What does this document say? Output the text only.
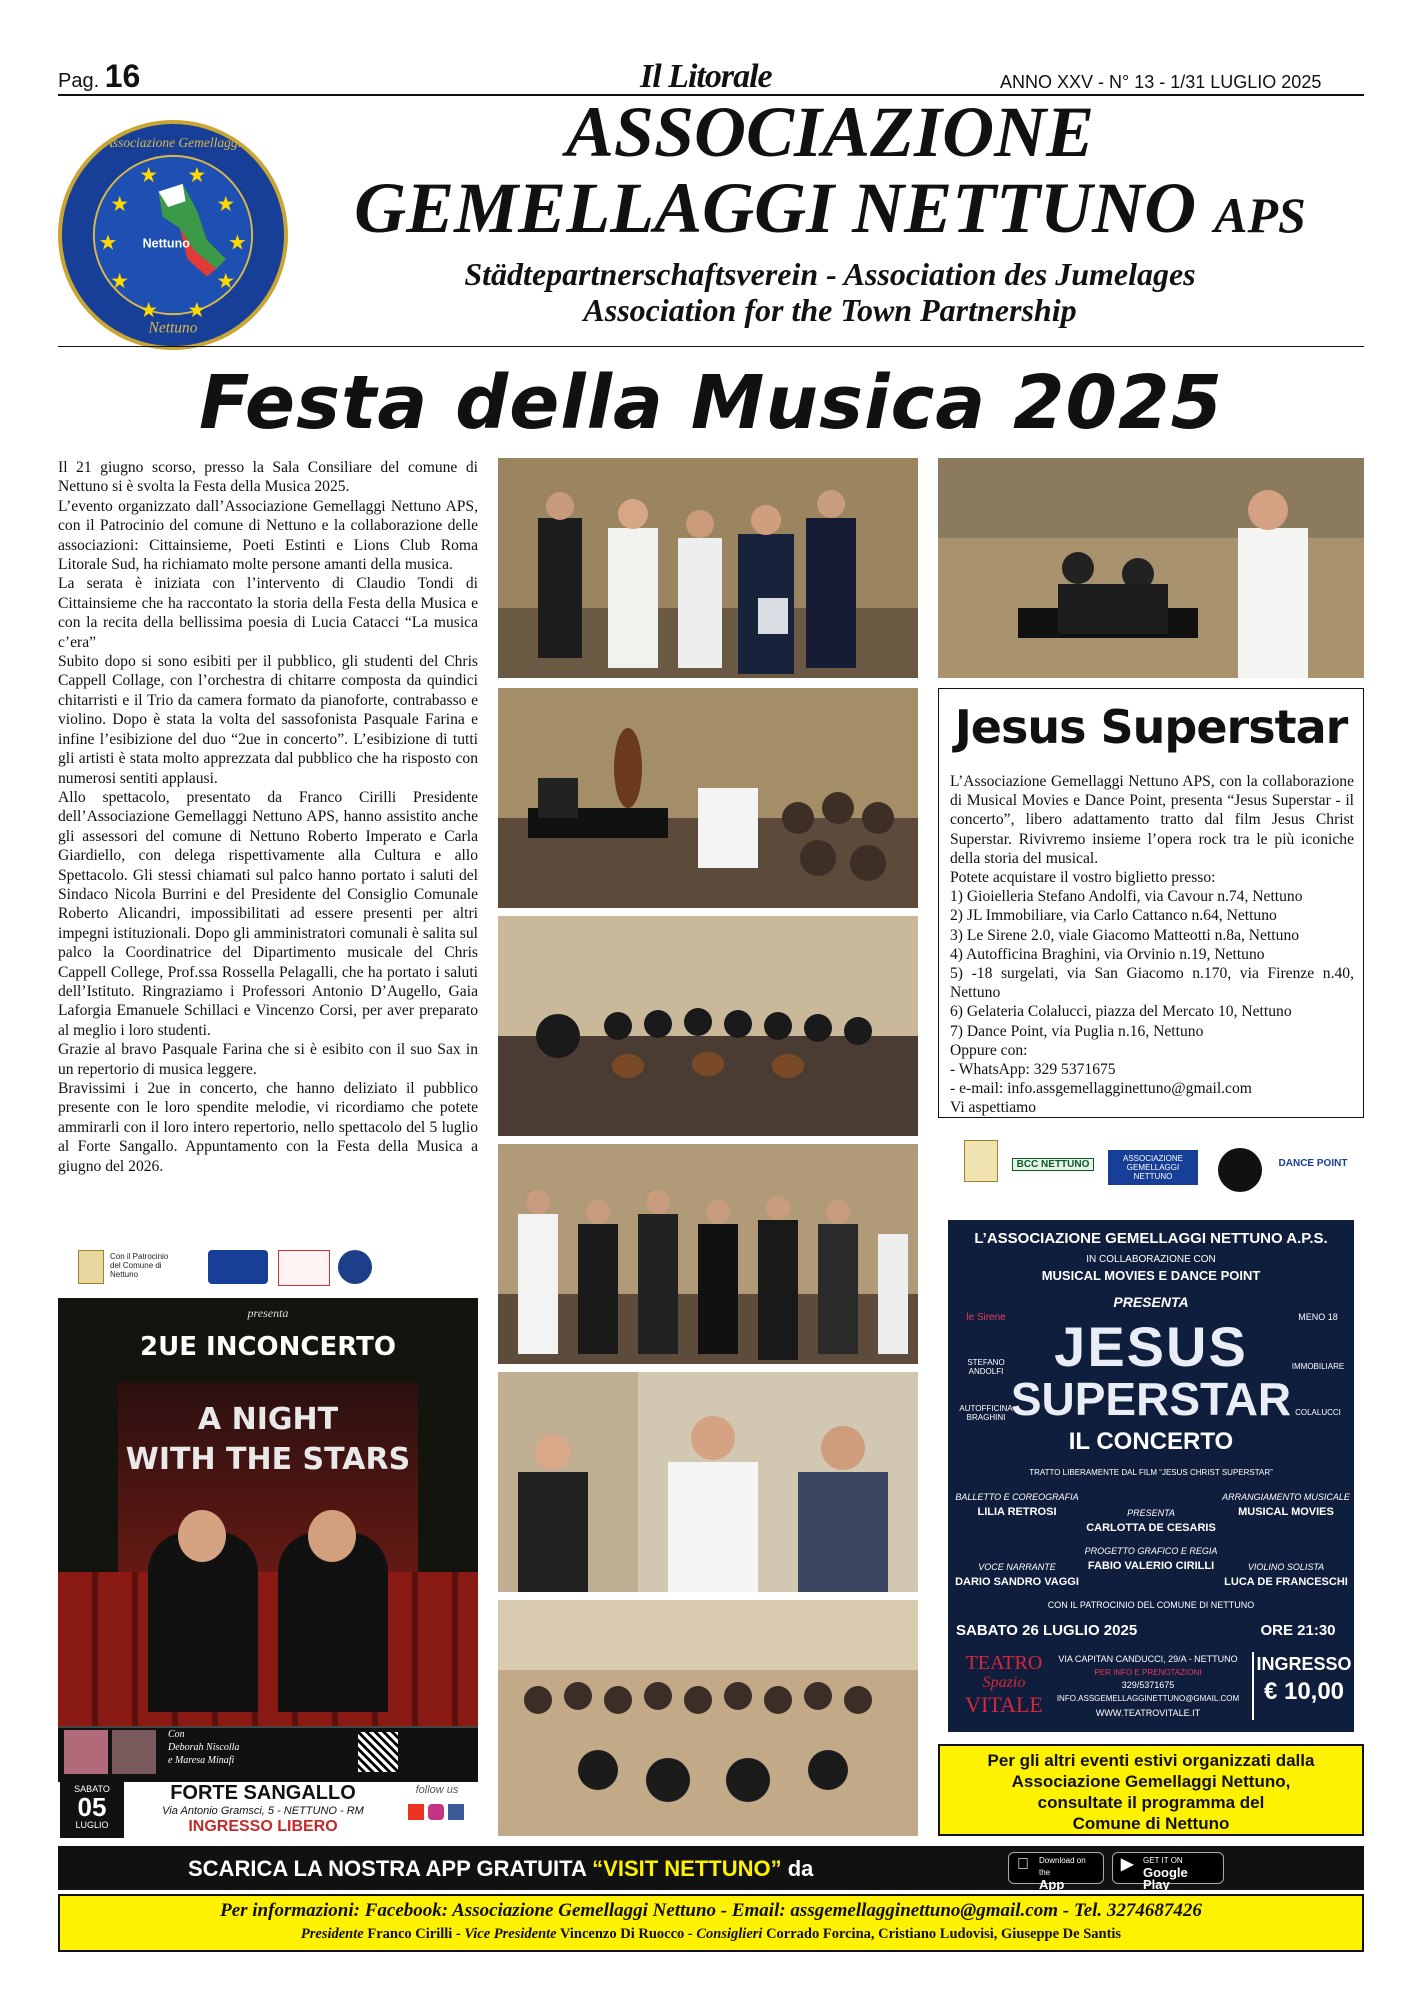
Pag. 16	Il Litorale	ANNO XXV - N° 13 - 1/31 LUGLIO 2025
★	★
★	★
★	★
★ ★
★ ★
Associazione Gemellaggi
Nettuno
Nettuno
ASSOCIAZIONE
GEMELLAGGI NETTUNO APS
Städtepartnerschaftsverein - Association des Jumelages
Association for the Town Partnership
Festa della Musica 2025

Il 21 giugno scorso, presso la Sala Consiliare del comune di Nettuno si è svolta la Festa della Musica 2025.

L’evento organizzato dall’Associazione Gemellaggi Nettuno APS, con il Patrocinio del comune di Nettuno e la collaborazione delle associazioni: Cittainsieme, Poeti Estinti e Lions Club Roma Litorale Sud, ha richiamato molte persone amanti della musica.

La serata è iniziata con l’intervento di Claudio Tondi di Cittainsieme che ha raccontato la storia della Festa della Musica e con la recita della bellissima poesia di Lucia Catacci “La musica c’era”

Subito dopo si sono esibiti per il pubblico, gli studenti del Chris Cappell Collage, con l’orchestra di chitarre composta da quindici chitarristi e il Trio da camera formato da pianoforte, contrabasso e violino. Dopo è stata la volta del sassofonista Pasquale Farina e infine l’esibizione del duo “2ue in concerto”. L’esibizione di tutti gli artisti è stata molto apprezzata dal pubblico che ha risposto con numerosi sentiti applausi.

Allo spettacolo, presentato da Franco Cirilli Presidente dell’Associazione Gemellaggi Nettuno APS, hanno assistito anche gli assessori del comune di Nettuno Roberto Imperato e Carla Giardiello, con delega rispettivamente alla Cultura e allo Spettacolo. Gli stessi chiamati sul palco hanno portato i saluti del Sindaco Nicola Burrini e del Presidente del Consiglio Comunale Roberto Alicandri, impossibilitati ad essere presenti per altri impegni istituzionali. Dopo gli amministratori comunali è salita sul palco la Coordinatrice del Dipartimento musicale del Chris Cappell College, Prof.ssa Rossella Pelagalli, che ha portato i saluti dell’Istituto. Ringraziamo i Professori Antonio D’Augello, Gaia Laforgia Emanuele Schillaci e Vincenzo Corsi, per aver preparato al meglio i loro studenti.

Grazie al bravo Pasquale Farina che si è esibito con il suo Sax in un repertorio di musica leggere.

Bravissimi i 2ue in concerto, che hanno deliziato il pubblico presente con le loro spendite melodie, vi ricordiamo che potete ammirarli con il loro intero repertorio, nello spettacolo del 5 luglio al Forte Sangallo. Appuntamento con la Festa della Musica a giugno del 2026.

Jesus Superstar

L’Associazione Gemellaggi Nettuno APS, con la collaborazione di Musical Movies e Dance Point, presenta “Jesus Superstar - il concerto”, libero adattamento tratto dal film Jesus Christ Superstar. Rivivremo insieme l’opera rock tra le più iconiche della storia del musical.

Potete acquistare il vostro biglietto presso:

1) Gioielleria Stefano Andolfi, via Cavour n.74, Nettuno

2) JL Immobiliare, via Carlo Cattanco n.64, Nettuno

3) Le Sirene 2.0, viale Giacomo Matteotti n.8a, Nettuno

4) Autofficina Braghini, via Orvinio n.19, Nettuno

5) -18 surgelati, via San Giacomo n.170, via Firenze n.40, Nettuno

6) Gelateria Colalucci, piazza del Mercato 10, Nettuno

7) Dance Point, via Puglia n.16, Nettuno

Oppure con:

- WhatsApp: 329 5371675

- e-mail: info.assgemellagginettuno@gmail.com

Vi aspettiamo

BCC NETTUNO
ASSOCIAZIONE GEMELLAGGI NETTUNO
DANCE POINT
L’ASSOCIAZIONE GEMELLAGGI NETTUNO A.P.S.
IN COLLABORAZIONE CON
MUSICAL MOVIES E DANCE POINT
PRESENTA
JESUS
SUPERSTAR
IL CONCERTO
TRATTO LIBERAMENTE DAL FILM “JESUS CHRIST SUPERSTAR”
le Sirene
STEFANO ANDOLFI
AUTOFFICINA BRAGHINI
MENO 18
IMMOBILIARE
COLALUCCI
BALLETTO E COREOGRAFIA
LILIA RETROSI	PRESENTA
CARLOTTA DE CESARIS
ARRANGIAMENTO MUSICALE
MUSICAL MOVIES
PROGETTO GRAFICO E REGIA
FABIO VALERIO CIRILLI
VOCE NARRANTE
DARIO SANDRO VAGGI
VIOLINO SOLISTA
LUCA DE FRANCESCHI
CON IL PATROCINIO DEL COMUNE DI NETTUNO
SABATO 26 LUGLIO 2025	ORE 21:30
TEATRO
Spazio
VITALE
VIA CAPITAN CANDUCCI, 29/A - NETTUNO
PER INFO E PRENOTAZIONI
329/5371675
INFO.ASSGEMELLAGGINETTUNO@GMAIL.COM
WWW.TEATROVITALE.IT
INGRESSO
€ 10,00
Con il Patrocinio del Comune di Nettuno
presenta
2UE INCONCERTO
A NIGHT
WITH THE STARS
Con
Deborah Niscolla
e Maresa Minafi
SABATO
05
LUGLIO
FORTE SANGALLO
Via Antonio Gramsci, 5 - NETTUNO - RM
INGRESSO LIBERO
follow us
Per gli altri eventi estivi organizzati dalla
Associazione Gemellaggi Nettuno,
consultate il programma del
Comune di Nettuno
SCARICA LA NOSTRA APP GRATUITA “VISIT NETTUNO” da	Download on the
App
▶ GET IT ON
Google Play
Per informazioni: Facebook: Associazione Gemellaggi Nettuno - Email: assgemellagginettuno@gmail.com - Tel. 3274687426
Presidente Franco Cirilli - Vice Presidente Vincenzo Di Ruocco - Consiglieri Corrado Forcina, Cristiano Ludovisi, Giuseppe De Santis
